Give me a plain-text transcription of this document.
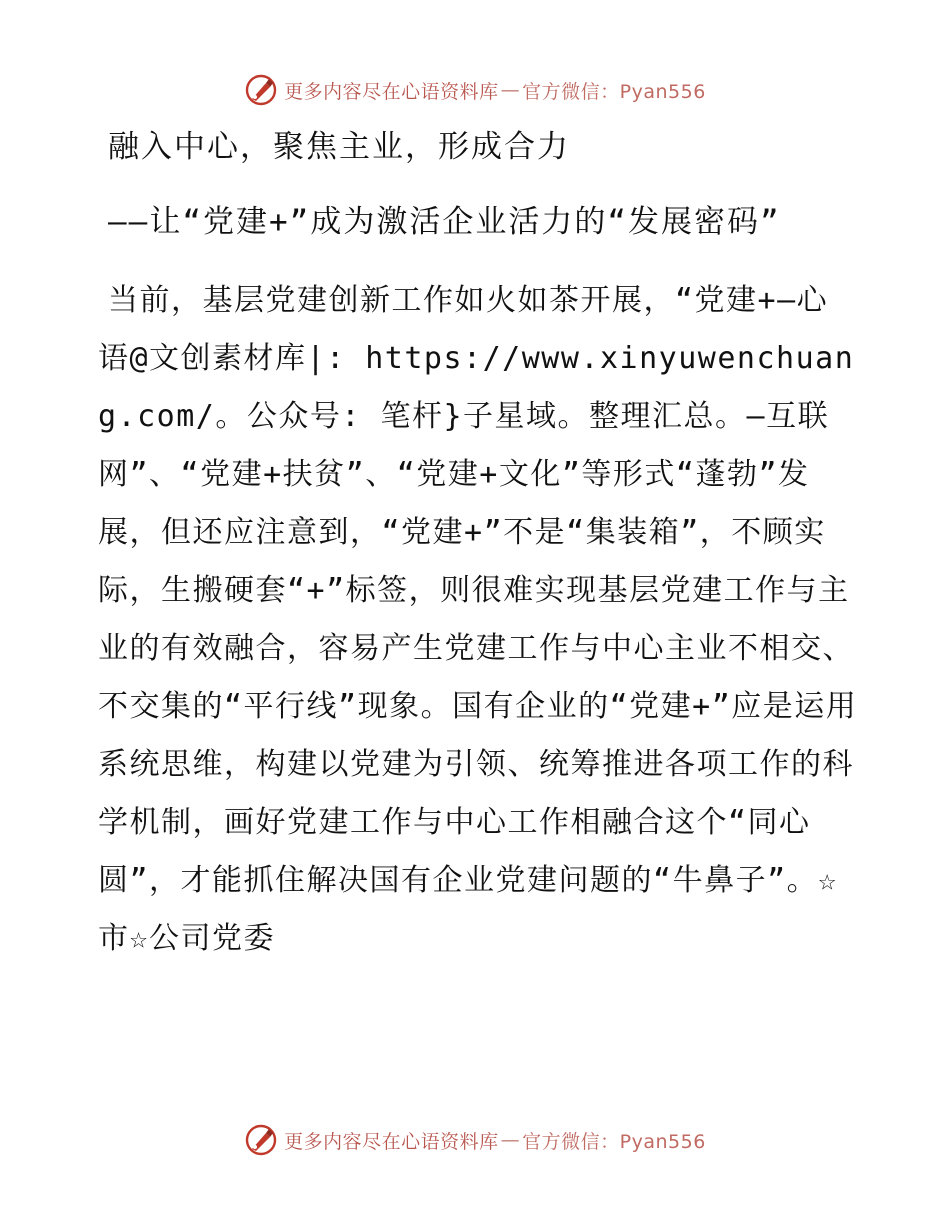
更多内容尽在心语资料库 — 官方微信：Pyan556
融入中心，聚焦主业，形成合力
——让“党建+”成为激活企业活力的“发展密码”

当前，基层党建创新工作如火如茶开展，“党建+—心语@文创素材库|: https://www.xinyuwenchuang.com/。公众号: 笔杆}子星域。整理汇总。—互联网”、“党建+扶贫”、“党建+文化”等形式“蓬勃”发展，但还应注意到，“党建+”不是“集装箱”，不顾实际，生搬硬套“+”标签，则很难实现基层党建工作与主业的有效融合，容易产生党建工作与中心主业不相交、不交集的“平行线”现象。国有企业的“党建+”应是运用系统思维，构建以党建为引领、统筹推进各项工作的科学机制，画好党建工作与中心工作相融合这个“同心圆”，才能抓住解决国有企业党建问题的“牛鼻子”。☆市☆公司党委

更多内容尽在心语资料库 — 官方微信：Pyan556
